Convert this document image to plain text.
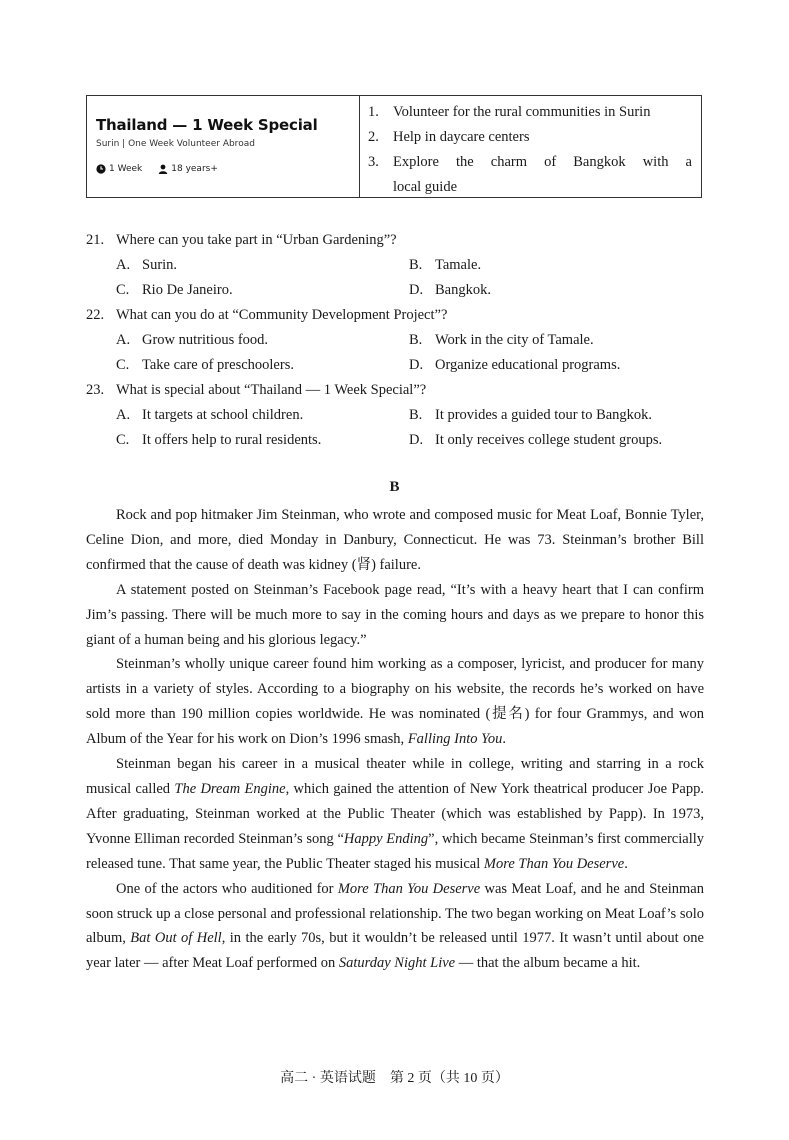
Thailand — 1 Week Special
Surin | One Week Volunteer Abroad
1 Week	18 years+
1. Volunteer for the rural communities in Surin
2. Help in daycare centers
3. Explore the charm of Bangkok with a
local guide
21. Where can you take part in “Urban Gardening”?
A. Surin.	B. Tamale.
C. Rio De Janeiro.	D. Bangkok.
22. What can you do at “Community Development Project”?
A. Grow nutritious food.	B. Work in the city of Tamale.
C. Take care of preschoolers.	D. Organize educational programs.
23. What is special about “Thailand — 1 Week Special”?
A. It targets at school children.	B. It provides a guided tour to Bangkok.
C. It offers help to rural residents.	D. It only receives college student groups.
B

Rock and pop hitmaker Jim Steinman, who wrote and composed music for Meat Loaf, Bonnie Tyler, Celine Dion, and more, died Monday in Danbury, Connecticut. He was 73. Steinman’s brother Bill confirmed that the cause of death was kidney (肾) failure.

A statement posted on Steinman’s Facebook page read, “It’s with a heavy heart that I can confirm Jim’s passing. There will be much more to say in the coming hours and days as we prepare to honor this giant of a human being and his glorious legacy.”

Steinman’s wholly unique career found him working as a composer, lyricist, and producer for many artists in a variety of styles. According to a biography on his website, the records he’s worked on have sold more than 190 million copies worldwide. He was nominated (提名) for four Grammys, and won Album of the Year for his work on Dion’s 1996 smash, Falling Into You.

Steinman began his career in a musical theater while in college, writing and starring in a rock musical called The Dream Engine, which gained the attention of New York theatrical producer Joe Papp. After graduating, Steinman worked at the Public Theater (which was established by Papp). In 1973, Yvonne Elliman recorded Steinman’s song “Happy Ending”, which became Steinman’s first commercially released tune. That same year, the Public Theater staged his musical More Than You Deserve.

One of the actors who auditioned for More Than You Deserve was Meat Loaf, and he and Steinman soon struck up a close personal and professional relationship. The two began working on Meat Loaf’s solo album, Bat Out of Hell, in the early 70s, but it wouldn’t be released until 1977. It wasn’t until about one year later — after Meat Loaf performed on Saturday Night Live — that the album became a hit.

高二 · 英语试题　第 2 页（共 10 页）
